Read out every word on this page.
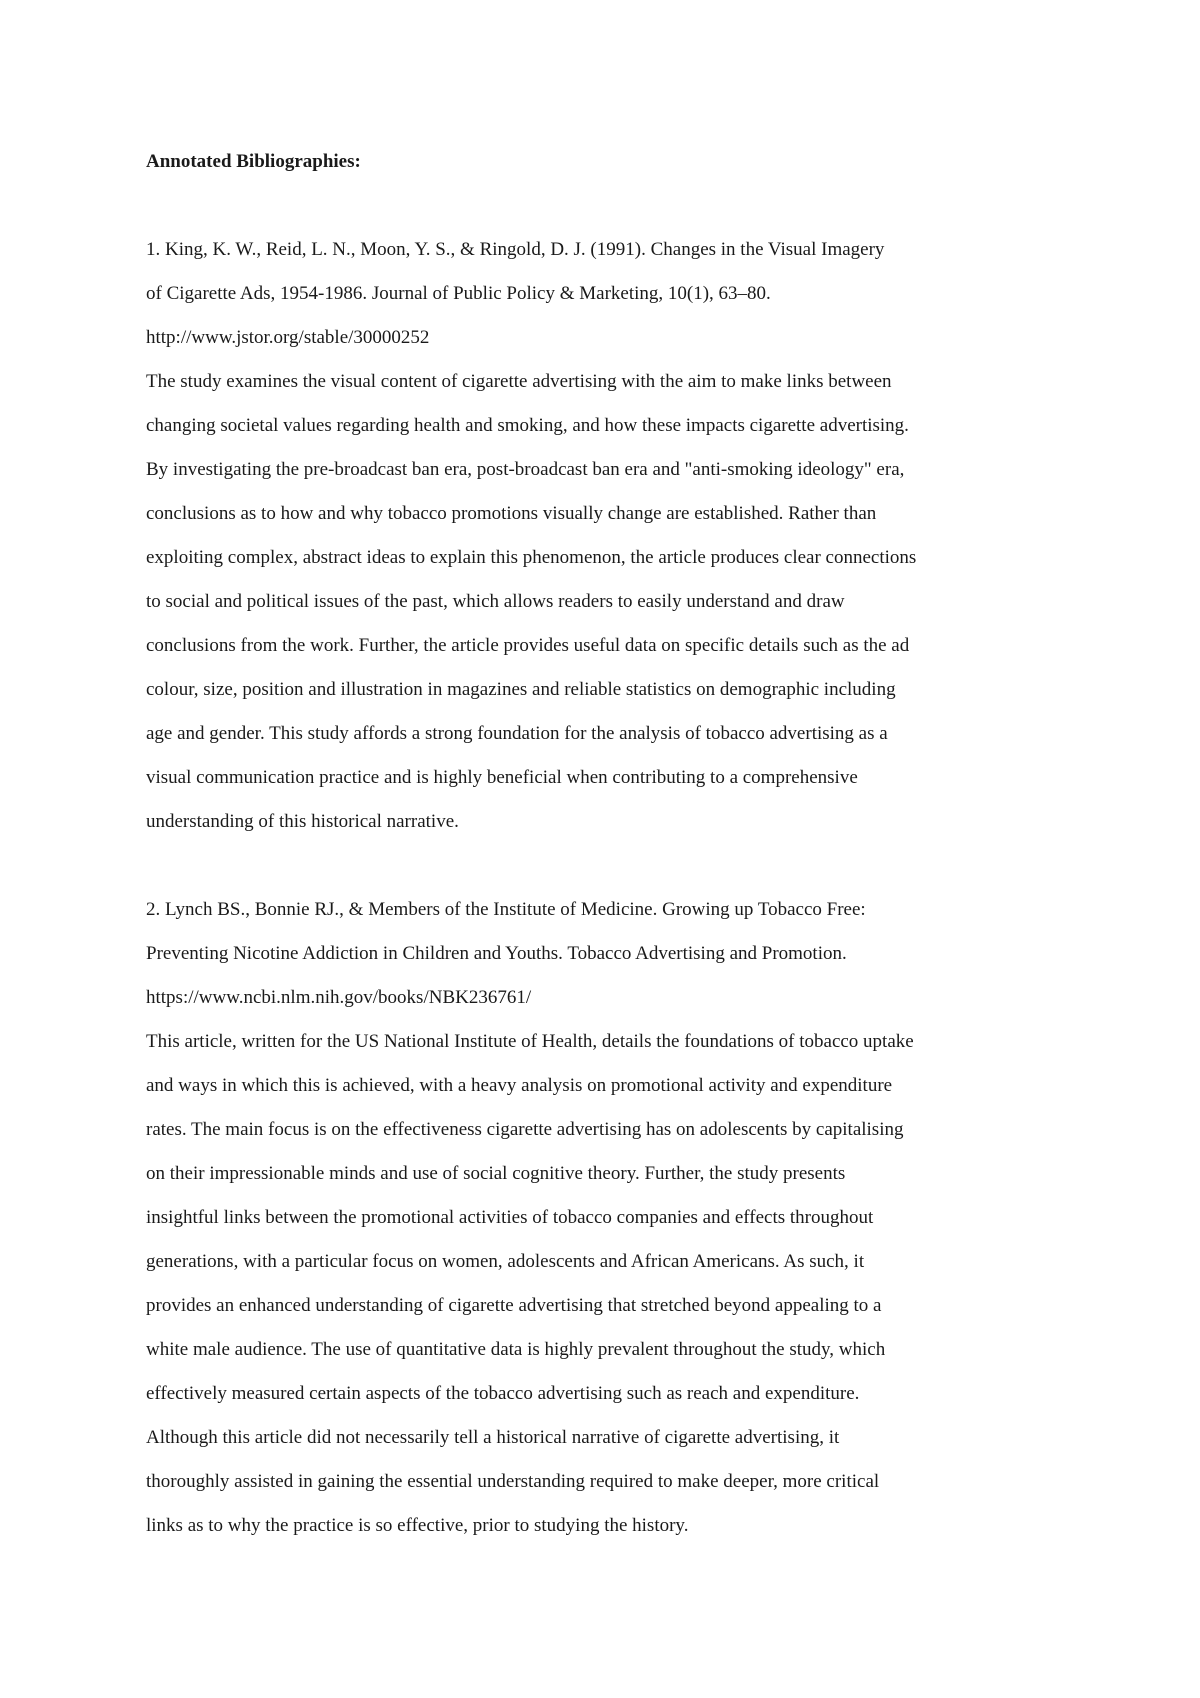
Annotated Bibliographies:

1. King, K. W., Reid, L. N., Moon, Y. S., & Ringold, D. J. (1991). Changes in the Visual Imagery

of Cigarette Ads, 1954-1986. Journal of Public Policy & Marketing, 10(1), 63–80.

http://www.jstor.org/stable/30000252

The study examines the visual content of cigarette advertising with the aim to make links between

changing societal values regarding health and smoking, and how these impacts cigarette advertising.

By investigating the pre-broadcast ban era, post-broadcast ban era and "anti-smoking ideology" era,

conclusions as to how and why tobacco promotions visually change are established. Rather than

exploiting complex, abstract ideas to explain this phenomenon, the article produces clear connections

to social and political issues of the past, which allows readers to easily understand and draw

conclusions from the work. Further, the article provides useful data on specific details such as the ad

colour, size, position and illustration in magazines and reliable statistics on demographic including

age and gender. This study affords a strong foundation for the analysis of tobacco advertising as a

visual communication practice and is highly beneficial when contributing to a comprehensive

understanding of this historical narrative.

2. Lynch BS., Bonnie RJ., & Members of the Institute of Medicine. Growing up Tobacco Free:

Preventing Nicotine Addiction in Children and Youths. Tobacco Advertising and Promotion.

https://www.ncbi.nlm.nih.gov/books/NBK236761/

This article, written for the US National Institute of Health, details the foundations of tobacco uptake

and ways in which this is achieved, with a heavy analysis on promotional activity and expenditure

rates. The main focus is on the effectiveness cigarette advertising has on adolescents by capitalising

on their impressionable minds and use of social cognitive theory. Further, the study presents

insightful links between the promotional activities of tobacco companies and effects throughout

generations, with a particular focus on women, adolescents and African Americans. As such, it

provides an enhanced understanding of cigarette advertising that stretched beyond appealing to a

white male audience. The use of quantitative data is highly prevalent throughout the study, which

effectively measured certain aspects of the tobacco advertising such as reach and expenditure.

Although this article did not necessarily tell a historical narrative of cigarette advertising, it

thoroughly assisted in gaining the essential understanding required to make deeper, more critical

links as to why the practice is so effective, prior to studying the history.
